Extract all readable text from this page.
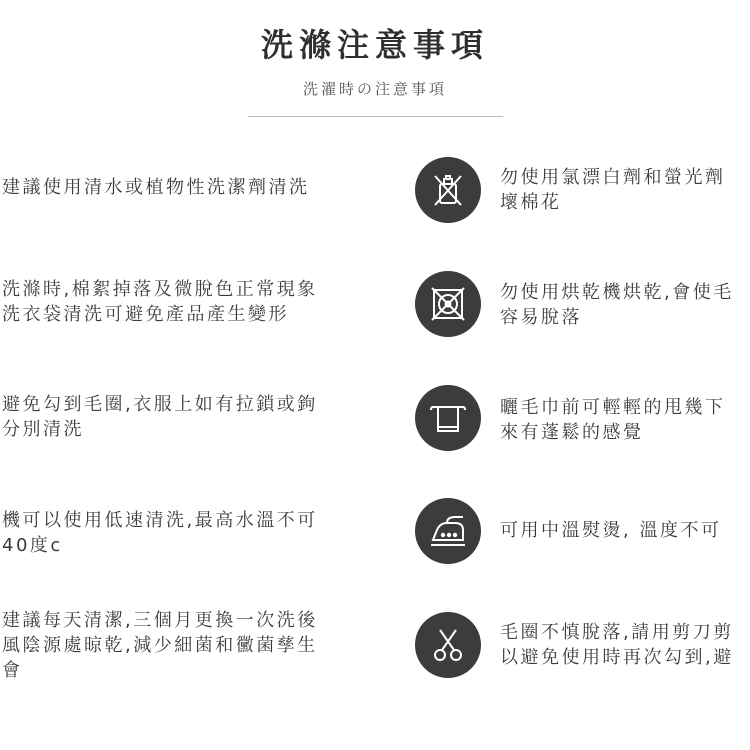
洗滌注意事項
洗濯時の注意事項
建議使用清水或植物性洗潔劑清洗	勿使用氯漂白劑和螢光劑
壞棉花
洗滌時,棉絮掉落及微脫色正常現象
洗衣袋清洗可避免產品產生變形
勿使用烘乾機烘乾,會使毛
容易脫落
避免勾到毛圈,衣服上如有拉鎖或鉤
分別清洗
曬毛巾前可輕輕的甩幾下
來有蓬鬆的感覺
機可以使用低速清洗,最高水溫不可
40度c
可用中溫熨燙, 溫度不可
建議每天清潔,三個月更換一次洗後
風陰源處晾乾,減少細菌和黴菌孳生
會
毛圈不慎脫落,請用剪刀剪
以避免使用時再次勾到,避
